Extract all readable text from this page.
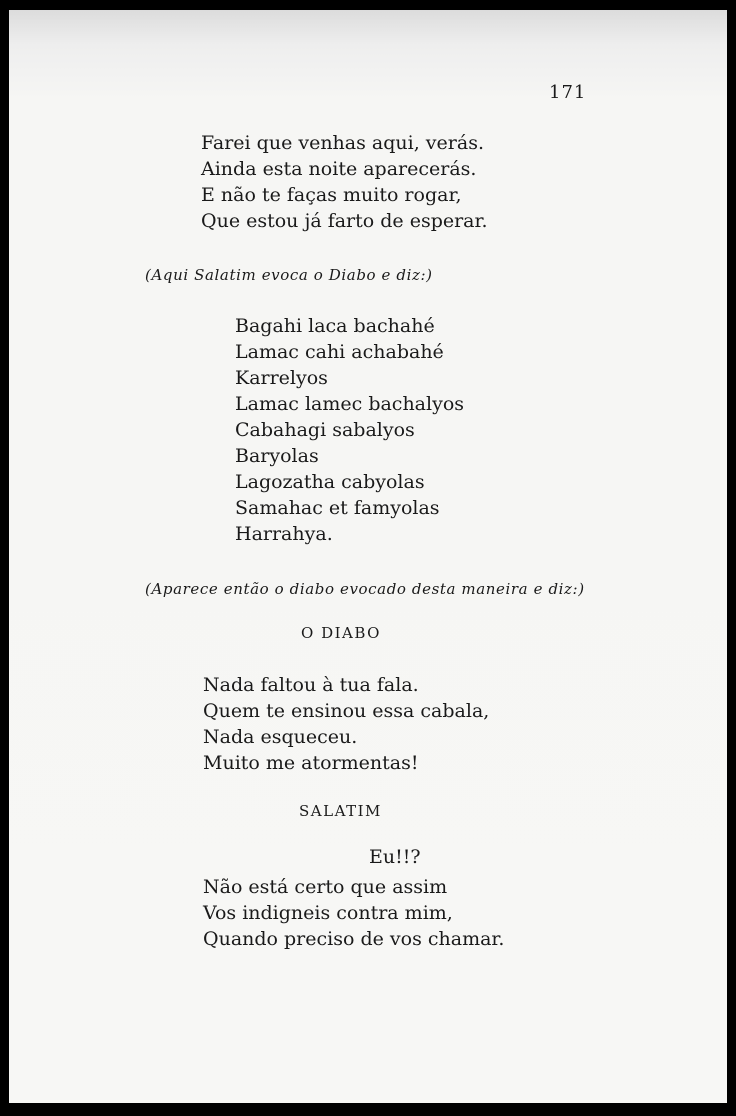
171
Farei que venhas aqui, verás.
Ainda esta noite aparecerás.
E não te faças muito rogar,
Que estou já farto de esperar.

(Aqui Salatim evoca o Diabo e diz:)

Bagahi laca bachahé
Lamac cahi achabahé
Karrelyos
Lamac lamec bachalyos
Cabahagi sabalyos
Baryolas
Lagozatha cabyolas
Samahac et famyolas
Harrahya.

(Aparece então o diabo evocado desta maneira e diz:)

O DIABO

Nada faltou à tua fala.
Quem te ensinou essa cabala,
Nada esqueceu.
Muito me atormentas!

SALATIM

Eu!!?
Não está certo que assim
Vos indigneis contra mim,
Quando preciso de vos chamar.
